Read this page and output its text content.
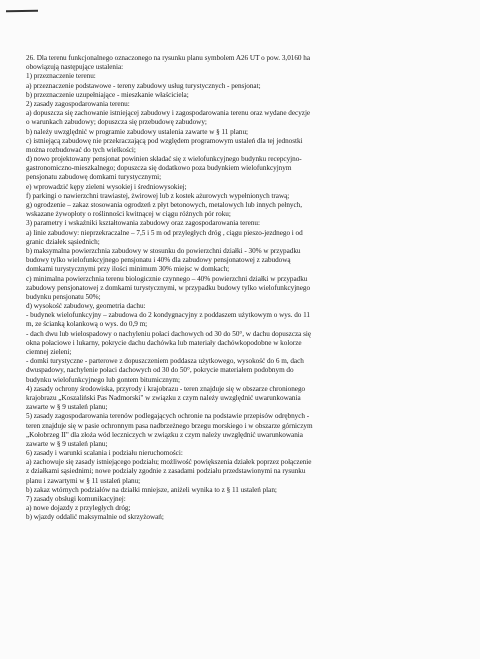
26. Dla terenu funkcjonalnego oznaczonego na rysunku planu symbolem A26 UT o pow. 3,0160 ha
obowiązują następujące ustalenia:
1) przeznaczenie terenu:
a) przeznaczenie podstawowe - tereny zabudowy usług turystycznych - pensjonat;
b) przeznaczenie uzupełniające - mieszkanie właściciela;
2) zasady zagospodarowania terenu:
a) dopuszcza się zachowanie istniejącej zabudowy i zagospodarowania terenu oraz wydane decyzje
o warunkach zabudowy; dopuszcza się przebudowę zabudowy;
b) należy uwzględnić w programie zabudowy ustalenia zawarte w § 11 planu;
c) istniejącą zabudowę nie przekraczającą pod względem programowym ustaleń dla tej jednostki
można rozbudować do tych wielkości;
d) nowo projektowany pensjonat powinien składać się z wielofunkcyjnego budynku recepcyjno-
gastronomiczno-mieszkalnego; dopuszcza się dodatkowo poza budynkiem wielofunkcyjnym
pensjonatu zabudowę domkami turystycznymi;
e) wprowadzić kępy zieleni wysokiej i średniowysokiej;
f) parkingi o nawierzchni trawiastej, żwirowej lub z kostek ażurowych wypełnionych trawą;
g) ogrodzenie – zakaz stosowania ogrodzeń z płyt betonowych, metalowych lub innych pełnych,
wskazane żywopłoty o roślinności kwitnącej w ciągu różnych pór roku;
3) parametry i wskaźniki kształtowania zabudowy oraz zagospodarowania terenu:
a) linie zabudowy: nieprzekraczalne – 7,5 i 5 m od przyległych dróg , ciągu pieszo-jezdnego i od
granic działek sąsiednich;
b) maksymalna powierzchnia zabudowy w stosunku do powierzchni działki - 30% w przypadku
budowy tylko wielofunkcyjnego pensjonatu i 40% dla zabudowy pensjonatowej z zabudową
domkami turystycznymi przy ilości minimum 30% miejsc w domkach;
c) minimalna powierzchnia terenu biologicznie czynnego – 40% powierzchni działki w przypadku
zabudowy pensjonatowej z domkami turystycznymi, w przypadku budowy tylko wielofunkcyjnego
budynku pensjonatu 50%;
d) wysokość zabudowy, geometria dachu:
- budynek wielofunkcyjny – zabudowa do 2 kondygnacyjny z poddaszem użytkowym o wys. do 11
m, ze ścianką kolankową o wys. do 0,9 m;
- dach dwu lub wielospadowy o nachyleniu połaci dachowych od 30 do 50°, w dachu dopuszcza się
okna połaciowe i lukarny, pokrycie dachu dachówka lub materiały dachówkopodobne w kolorze
ciemnej zieleni;
- domki turystyczne - parterowe z dopuszczeniem poddasza użytkowego, wysokość do 6 m, dach
dwuspadowy, nachylenie połaci dachowych od 30 do 50°, pokrycie materiałem podobnym do
budynku wielofunkcyjnego lub gontem bitumicznym;
4) zasady ochrony środowiska, przyrody i krajobrazu - teren znajduje się w obszarze chronionego
krajobrazu „Koszaliński Pas Nadmorski" w związku z czym należy uwzględnić uwarunkowania
zawarte w § 9 ustaleń planu;
5) zasady zagospodarowania terenów podlegających ochronie na podstawie przepisów odrębnych -
teren znajduje się w pasie ochronnym pasa nadbrzeżnego brzegu morskiego i w obszarze górniczym
„Kołobrzeg II" dla złoża wód leczniczych w związku z czym należy uwzględnić uwarunkowania
zawarte w § 9 ustaleń planu;
6) zasady i warunki scalania i podziału nieruchomości:
a) zachowuje się zasady istniejącego podziału; możliwość powiększenia działek poprzez połączenie
z działkami sąsiednimi; nowe podziały zgodnie z zasadami podziału przedstawionymi na rysunku
planu i zawartymi w § 11 ustaleń planu;
b) zakaz wtórnych podziałów na działki mniejsze, aniżeli wynika to z § 11 ustaleń plan;
7) zasady obsługi komunikacyjnej:
a) nowe dojazdy z przyległych dróg;
b) wjazdy oddalić maksymalnie od skrzyżowań;
